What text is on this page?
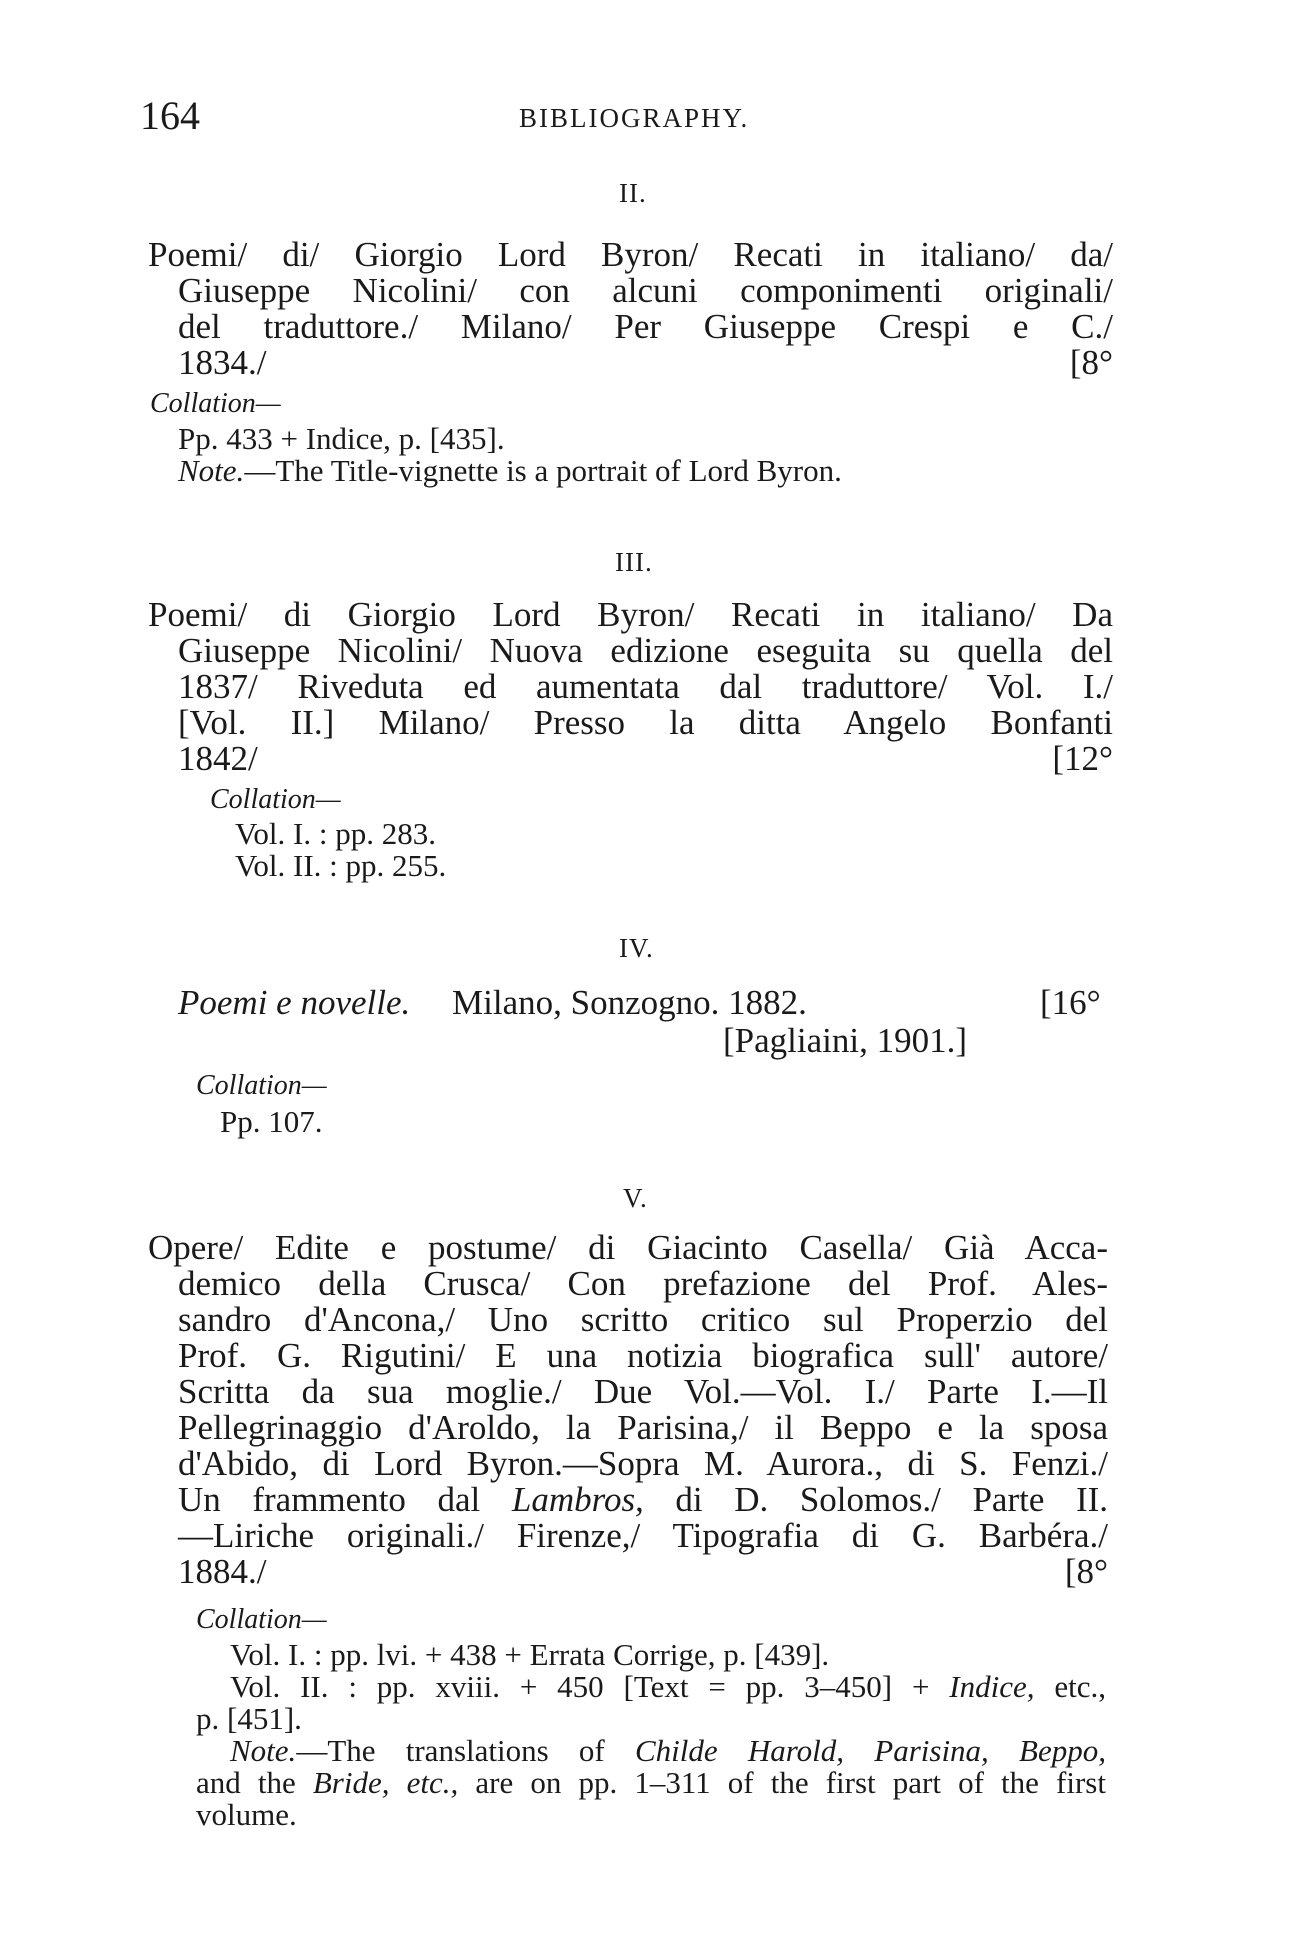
164	BIBLIOGRAPHY.
II.
Poemi/ di/ Giorgio Lord Byron/ Recati in italiano/ da/
Giuseppe Nicolini/ con alcuni componimenti originali/
del traduttore./ Milano/ Per Giuseppe Crespi e C./
1834./	[8°
Collation—
Pp. 433 + Indice, p. [435].
Note.—The Title-vignette is a portrait of Lord Byron.
III.
Poemi/ di Giorgio Lord Byron/ Recati in italiano/ Da
Giuseppe Nicolini/ Nuova edizione eseguita su quella del
1837/ Riveduta ed aumentata dal traduttore/ Vol. I./
[Vol. II.] Milano/ Presso la ditta Angelo Bonfanti
1842/	[12°
Collation—
Vol. I. : pp. 283.
Vol. II. : pp. 255.
IV.
Poemi e novelle. Milano, Sonzogno. 1882.	[16°
[Pagliaini, 1901.]
Collation—
Pp. 107.
V.
Opere/ Edite e postume/ di Giacinto Casella/ Già Acca-
demico della Crusca/ Con prefazione del Prof. Ales-
sandro d'Ancona,/ Uno scritto critico sul Properzio del
Prof. G. Rigutini/ E una notizia biografica sull' autore/
Scritta da sua moglie./ Due Vol.—Vol. I./ Parte I.—Il
Pellegrinaggio d'Aroldo, la Parisina,/ il Beppo e la sposa
d'Abido, di Lord Byron.—Sopra M. Aurora., di S. Fenzi./
Un frammento dal Lambros, di D. Solomos./ Parte II.
—Liriche originali./ Firenze,/ Tipografia di G. Barbéra./
1884./	[8°
Collation—
Vol. I. : pp. lvi. + 438 + Errata Corrige, p. [439].
Vol. II. : pp. xviii. + 450 [Text = pp. 3–450] + Indice, etc.,
p. [451].
Note.—The translations of Childe Harold, Parisina, Beppo,
and the Bride, etc., are on pp. 1–311 of the first part of the first
volume.
